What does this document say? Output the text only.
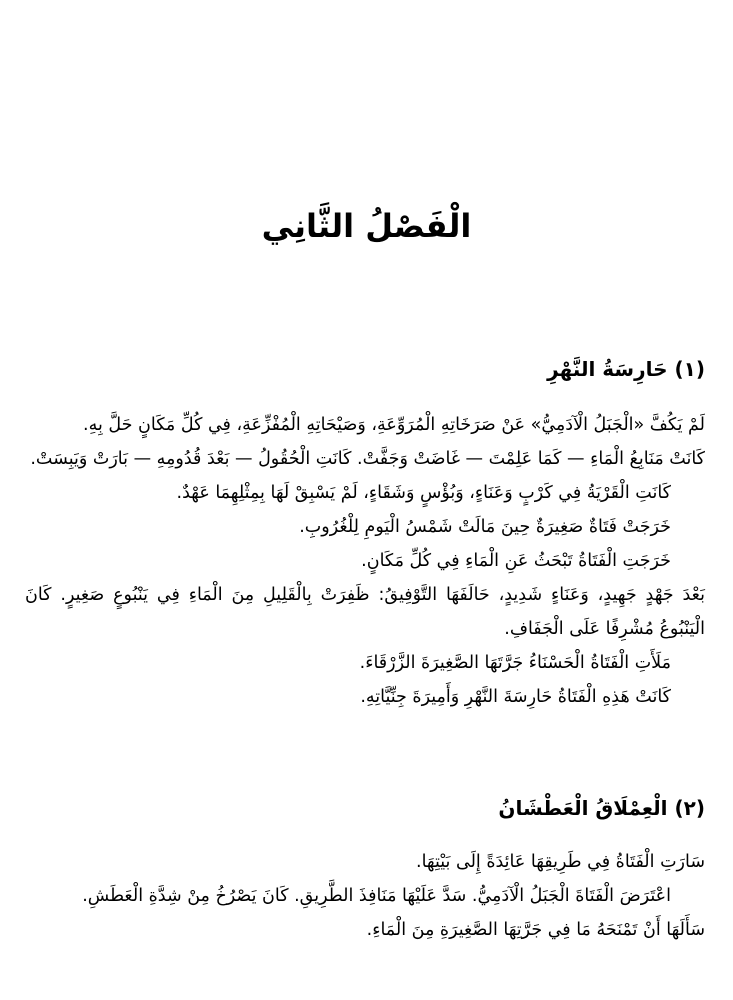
الْفَصْلُ الثَّانِي
(١) حَارِسَةُ النَّهْرِ
لَمْ يَكُفَّ «الْجَبَلُ الْآدَمِيُّ» عَنْ صَرَخَاتِهِ الْمُرَوِّعَةِ، وَصَيْحَاتِهِ الْمُفْزِّعَةِ، فِي كُلِّ مَكَانٍ حَلَّ بِهِ.
كَانَتْ مَنَابِعُ الْمَاءِ — كَمَا عَلِمْتَ — غَاضَتْ وَجَفَّتْ. كَانَتِ الْحُقُولُ — بَعْدَ قُدُومِهِ — بَارَتْ وَيَبِسَتْ.
كَانَتِ الْقَرْيَةُ فِي كَرْبٍ وَعَنَاءٍ، وَبُؤْسٍ وَشَقَاءٍ، لَمْ يَسْبِقْ لَهَا بِمِثْلِهِمَا عَهْدٌ.
خَرَجَتْ فَتَاةٌ صَغِيرَةٌ حِينَ مَالَتْ شَمْسُ الْيَومِ لِلْغُرُوبِ.
خَرَجَتِ الْفَتَاةُ تَبْحَثُ عَنِ الْمَاءِ فِي كُلِّ مَكَانٍ.
بَعْدَ جَهْدٍ جَهِيدٍ، وَعَنَاءٍ شَدِيدٍ، حَالَفَهَا التَّوْفِيقُ: ظَفِرَتْ بِالْقَلِيلِ مِنَ الْمَاءِ فِي يَنْبُوعٍ صَغِيرٍ. كَانَ الْيَنْبُوعُ مُشْرِفًا عَلَى الْجَفَافِ.
مَلَأَتِ الْفَتَاةُ الْحَسْنَاءُ جَرَّتَهَا الصَّغِيرَةَ الزَّرْقَاءَ.
كَانَتْ هَذِهِ الْفَتَاةُ حَارِسَةَ النَّهْرِ وَأَمِيرَةَ جِنِّيَّاتِهِ.
(٢) الْعِمْلَاقُ الْعَطْشَانُ
سَارَتِ الْفَتَاةُ فِي طَرِيقِهَا عَائِدَةً إِلَى بَيْتِهَا.
اعْتَرَضَ الْفَتَاةَ الْجَبَلُ الْآدَمِيُّ. سَدَّ عَلَيْهَا مَنَافِذَ الطَّرِيقِ. كَانَ يَصْرُخُ مِنْ شِدَّةِ الْعَطَشِ.
سَأَلَهَا أَنْ تَمْنَحَهُ مَا فِي جَرَّتِهَا الصَّغِيرَةِ مِنَ الْمَاءِ.
